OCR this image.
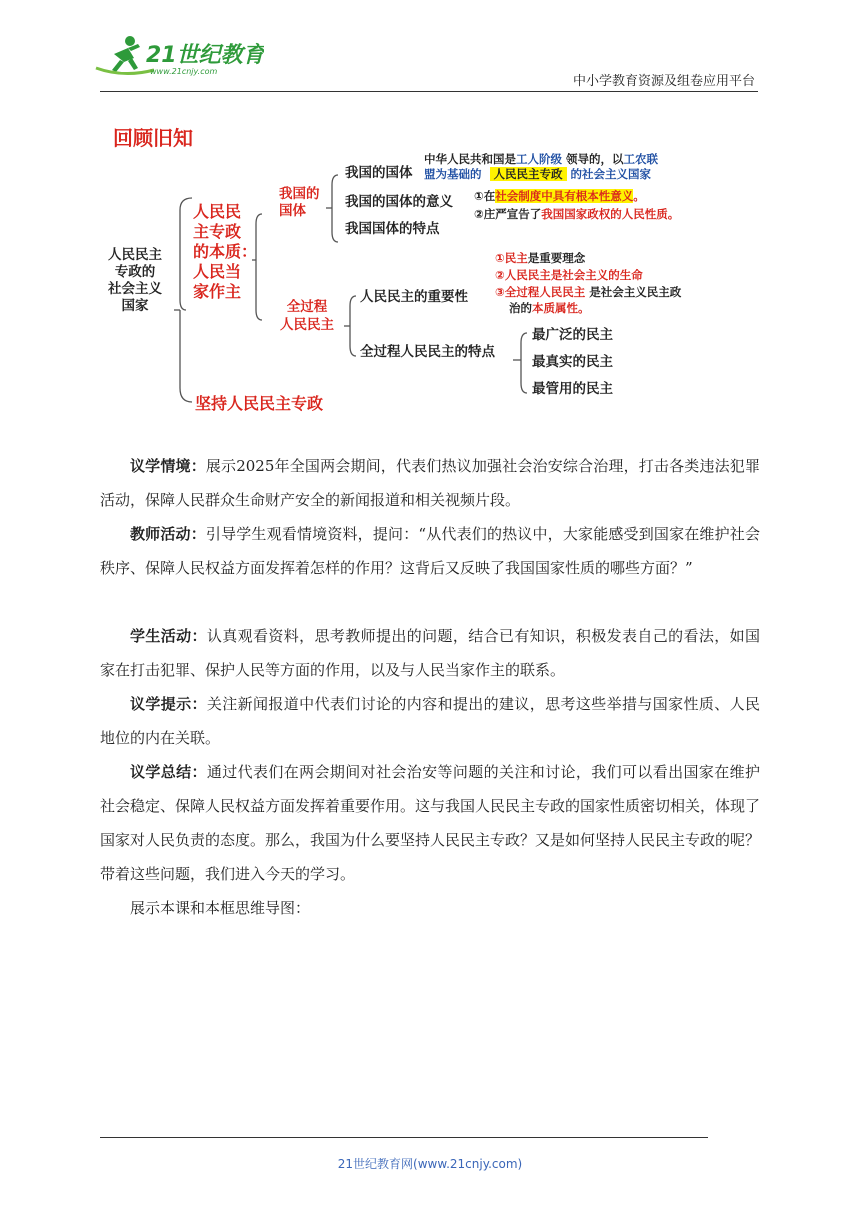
21世纪教育
www.21cnjy.com
中小学教育资源及组卷应用平台
回顾旧知
人民民主
专政的
社会主义
国家
人民民
主专政
的本质：
人民当
家作主
坚持人民民主专政
我国的
国体
我国的国体
我国的国体的意义
我国国体的特点
中华人民共和国是工人阶级 领导的，以工农联
盟为基础的 人民民主专政 的社会主义国家
①在社会制度中具有根本性意义。
②庄严宣告了我国国家政权的人民性质。
全过程
人民民主
人民民主的重要性
全过程人民民主的特点
①民主是重要理念
②人民民主是社会主义的生命
③全过程人民民主 是社会主义民主政
治的本质属性。
最广泛的民主
最真实的民主
最管用的民主
议学情境：展示2025年全国两会期间，代表们热议加强社会治安综合治理，打击各类违法犯罪活动，保障人民群众生命财产安全的新闻报道和相关视频片段。
教师活动：引导学生观看情境资料，提问：“从代表们的热议中，大家能感受到国家在维护社会秩序、保障人民权益方面发挥着怎样的作用？这背后又反映了我国国家性质的哪些方面？”
学生活动：认真观看资料，思考教师提出的问题，结合已有知识，积极发表自己的看法，如国家在打击犯罪、保护人民等方面的作用，以及与人民当家作主的联系。
议学提示：关注新闻报道中代表们讨论的内容和提出的建议，思考这些举措与国家性质、人民地位的内在关联。
议学总结：通过代表们在两会期间对社会治安等问题的关注和讨论，我们可以看出国家在维护社会稳定、保障人民权益方面发挥着重要作用。这与我国人民民主专政的国家性质密切相关，体现了国家对人民负责的态度。那么，我国为什么要坚持人民民主专政？又是如何坚持人民民主专政的呢？带着这些问题，我们进入今天的学习。
展示本课和本框思维导图：
21世纪教育网(www.21cnjy.com)
